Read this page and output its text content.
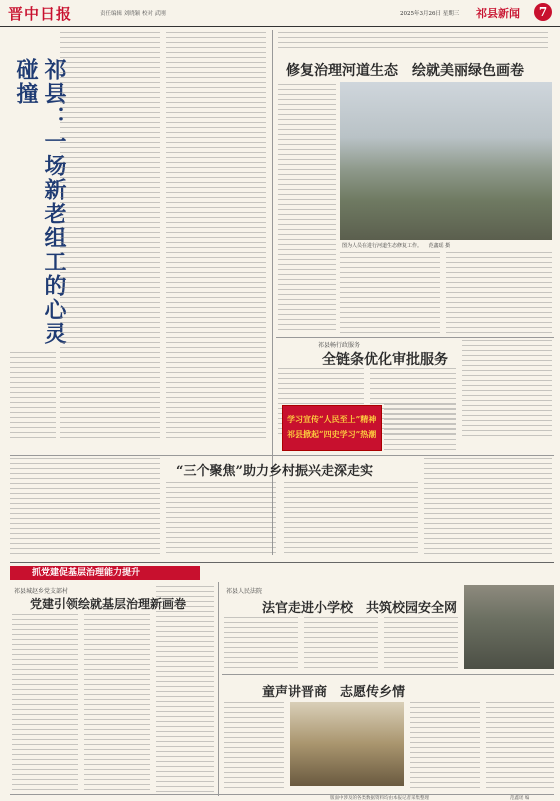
晋中日报	责任编辑 刘晓颖 校对 武刚	2025年3月26日 星期三 祁县新闻	7
祁县：一场新老组工的心灵碰撞	修复治理河道生态　绘就美丽绿色画卷
图为人员在进行河道生态修复工作。 　范鑫瑶 摄
祁县畅行政服务
全链条优化审批服务
学习宣传“人民至上”精神
祁县掀起“四史学习”热潮
“三个聚焦”助力乡村振兴走深走实
抓党建促基层治理能力提升
祁县城赵乡党支部村
党建引领绘就基层治理新画卷
祁县人民法院
法官走进小学校　共筑校园安全网
童声讲晋商　志愿传乡情
版面中涉及的各类数据资料均由本报记者采集整理	范鑫瑶 编
